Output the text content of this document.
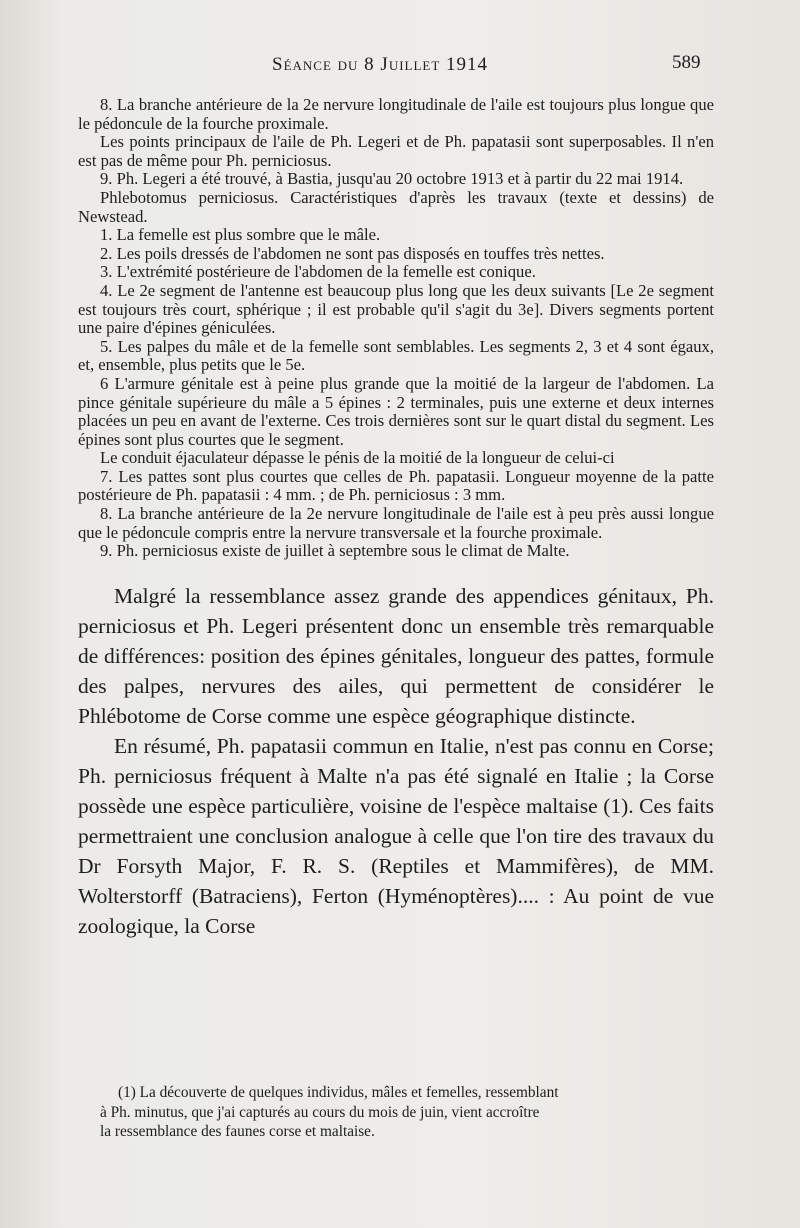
Séance du 8 Juillet 1914	589

8. La branche antérieure de la 2e nervure longitudinale de l'aile est toujours plus longue que le pédoncule de la fourche proximale.

Les points principaux de l'aile de Ph. Legeri et de Ph. papatasii sont superposables. Il n'en est pas de même pour Ph. perniciosus.

9. Ph. Legeri a été trouvé, à Bastia, jusqu'au 20 octobre 1913 et à partir du 22 mai 1914.

Phlebotomus perniciosus. Caractéristiques d'après les travaux (texte et dessins) de Newstead.

1. La femelle est plus sombre que le mâle.

2. Les poils dressés de l'abdomen ne sont pas disposés en touffes très nettes.

3. L'extrémité postérieure de l'abdomen de la femelle est conique.

4. Le 2e segment de l'antenne est beaucoup plus long que les deux suivants [Le 2e segment est toujours très court, sphérique ; il est probable qu'il s'agit du 3e]. Divers segments portent une paire d'épines géniculées.

5. Les palpes du mâle et de la femelle sont semblables. Les segments 2, 3 et 4 sont égaux, et, ensemble, plus petits que le 5e.

6 L'armure génitale est à peine plus grande que la moitié de la largeur de l'abdomen. La pince génitale supérieure du mâle a 5 épines : 2 terminales, puis une externe et deux internes placées un peu en avant de l'externe. Ces trois dernières sont sur le quart distal du segment. Les épines sont plus courtes que le segment.

Le conduit éjaculateur dépasse le pénis de la moitié de la longueur de celui-ci

7. Les pattes sont plus courtes que celles de Ph. papatasii. Longueur moyenne de la patte postérieure de Ph. papatasii : 4 mm. ; de Ph. perniciosus : 3 mm.

8. La branche antérieure de la 2e nervure longitudinale de l'aile est à peu près aussi longue que le pédoncule compris entre la nervure transversale et la fourche proximale.

9. Ph. perniciosus existe de juillet à septembre sous le climat de Malte.

Malgré la ressemblance assez grande des appendices génitaux, Ph. perniciosus et Ph. Legeri présentent donc un ensemble très remarquable de différences: position des épines génitales, longueur des pattes, formule des palpes, nervures des ailes, qui permettent de considérer le Phlébotome de Corse comme une espèce géographique distincte.

En résumé, Ph. papatasii commun en Italie, n'est pas connu en Corse; Ph. perniciosus fréquent à Malte n'a pas été signalé en Italie ; la Corse possède une espèce particulière, voisine de l'espèce maltaise (1). Ces faits permettraient une conclusion analogue à celle que l'on tire des travaux du Dr Forsyth Major, F. R. S. (Reptiles et Mammifères), de MM. Wolterstorff (Batraciens), Ferton (Hyménoptères).... : Au point de vue zoologique, la Corse

(1) La découverte de quelques individus, mâles et femelles, ressemblant

à Ph. minutus, que j'ai capturés au cours du mois de juin, vient accroître

la ressemblance des faunes corse et maltaise.
